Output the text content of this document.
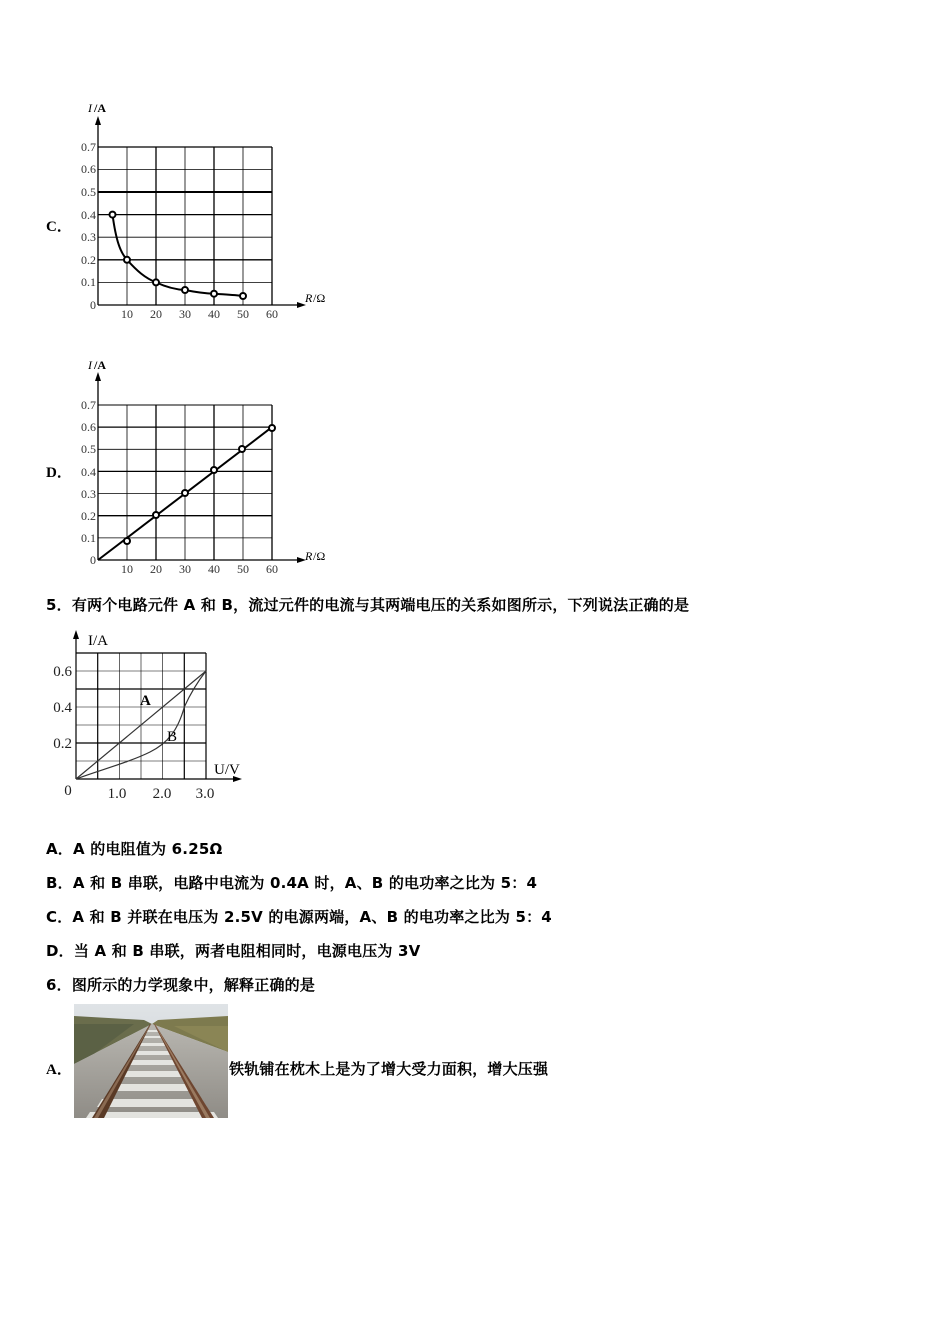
C．
I /A
R /Ω
0
0.1
0.2
0.3
0.4
0.5
0.6
0.7
10 20 30 40 50 60
D．
I /A
R /Ω
0
0.1
0.2
0.3
0.4
0.5
0.6
0.7
10 20 30 40 50 60
5．有两个电路元件 A 和 B，流过元件的电流与其两端电压的关系如图所示，下列说法正确的是
I/A
U/V
0.6
0.4
0.2
0 1.0 2.0 3.0
A
B
A．A 的电阻值为 6.25Ω
B．A 和 B 串联，电路中电流为 0.4A 时，A、B 的电功率之比为 5：4
C．A 和 B 并联在电压为 2.5V 的电源两端，A、B 的电功率之比为 5：4
D．当 A 和 B 串联，两者电阻相同时，电源电压为 3V
6．图所示的力学现象中，解释正确的是
A．	铁轨铺在枕木上是为了增大受力面积，增大压强
